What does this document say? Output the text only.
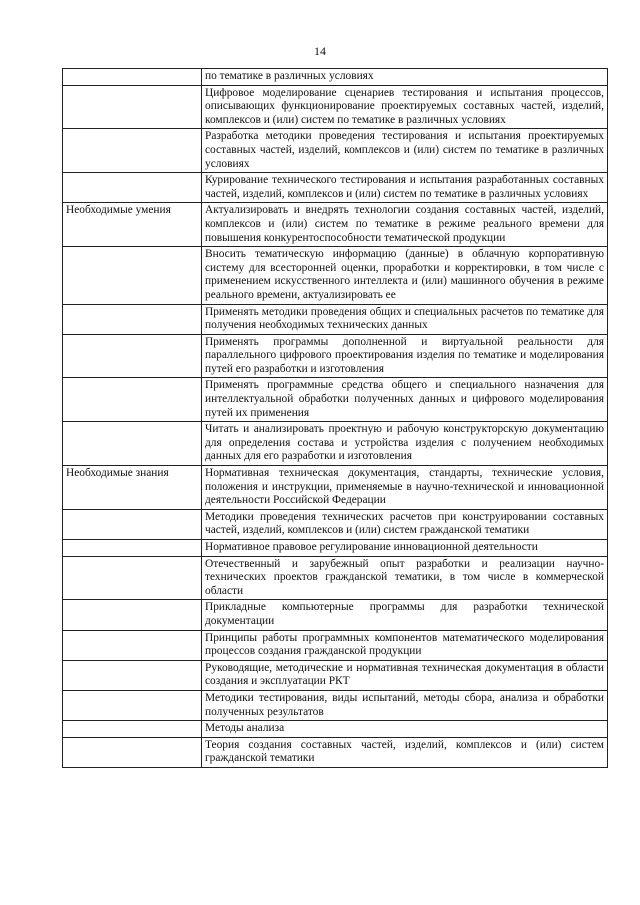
14
	по тематике в различных условиях
	Цифровое моделирование сценариев тестирования и испытания процессов, описывающих функционирование проектируемых составных частей, изделий, комплексов и (или) систем по тематике в различных условиях
	Разработка методики проведения тестирования и испытания проектируемых составных частей, изделий, комплексов и (или) систем по тематике в различных условиях
	Курирование технического тестирования и испытания разработанных составных частей, изделий, комплексов и (или) систем по тематике в различных условиях
Необходимые умения	Актуализировать и внедрять технологии создания составных частей, изделий, комплексов и (или) систем по тематике в режиме реального времени для повышения конкурентоспособности тематической продукции
	Вносить тематическую информацию (данные) в облачную корпоративную систему для всесторонней оценки, проработки и корректировки, в том числе с применением искусственного интеллекта и (или) машинного обучения в режиме реального времени, актуализировать ее
	Применять методики проведения общих и специальных расчетов по тематике для получения необходимых технических данных
	Применять программы дополненной и виртуальной реальности для параллельного цифрового проектирования изделия по тематике и моделирования путей его разработки и изготовления
	Применять программные средства общего и специального назначения для интеллектуальной обработки полученных данных и цифрового моделирования путей их применения
	Читать и анализировать проектную и рабочую конструкторскую документацию для определения состава и устройства изделия с получением необходимых данных для его разработки и изготовления
Необходимые знания	Нормативная техническая документация, стандарты, технические условия, положения и инструкции, применяемые в научно-технической и инновационной деятельности Российской Федерации
	Методики проведения технических расчетов при конструировании составных частей, изделий, комплексов и (или) систем гражданской тематики
	Нормативное правовое регулирование инновационной деятельности
	Отечественный и зарубежный опыт разработки и реализации научно-технических проектов гражданской тематики, в том числе в коммерческой области
	Прикладные компьютерные программы для разработки технической документации
	Принципы работы программных компонентов математического моделирования процессов создания гражданской продукции
	Руководящие, методические и нормативная техническая документация в области создания и эксплуатации РКТ
	Методики тестирования, виды испытаний, методы сбора, анализа и обработки полученных результатов
	Методы анализа
	Теория создания составных частей, изделий, комплексов и (или) систем гражданской тематики
